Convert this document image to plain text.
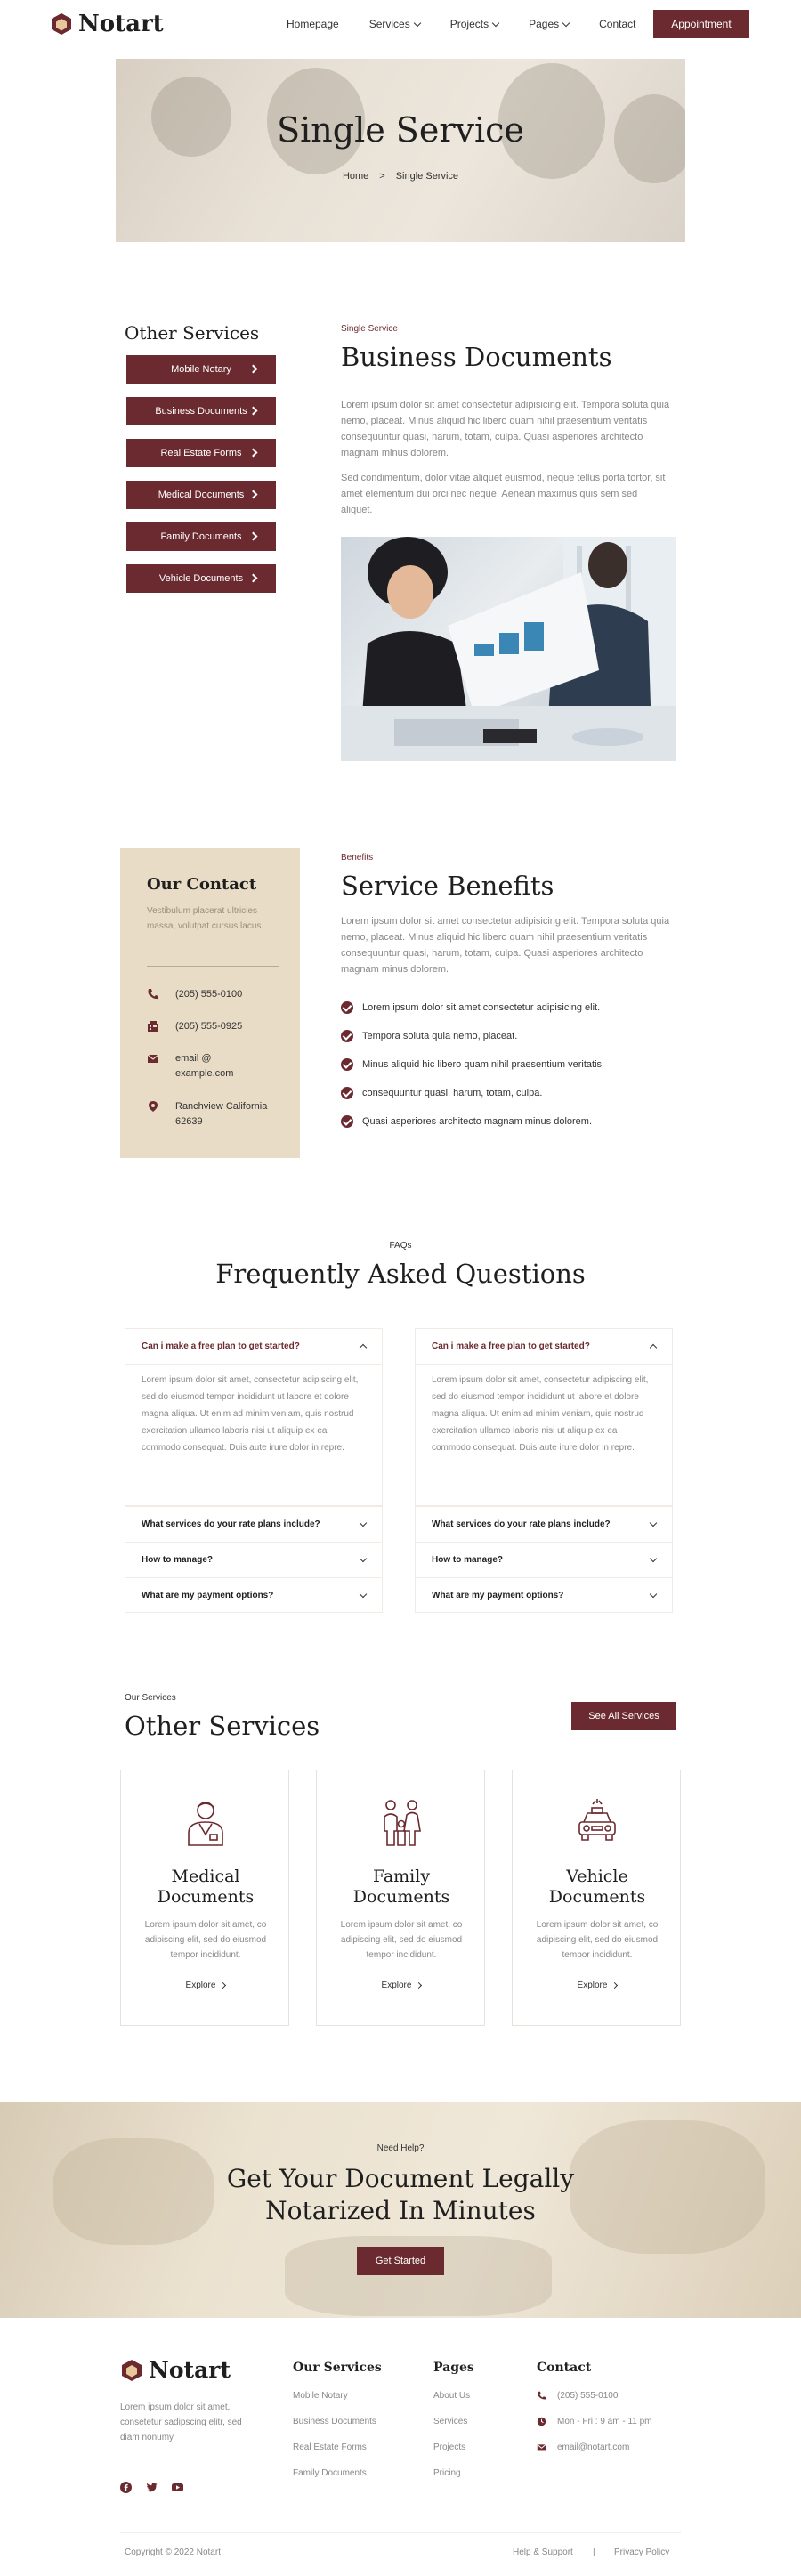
Notart	Homepage	Services	Projects	Pages	Contact	Appointment
Single Service
Home > Single Service
Other Services
Mobile Notary
Business Documents
Real Estate Forms
Medical Documents
Family Documents
Vehicle Documents
Single Service
Business Documents
Lorem ipsum dolor sit amet consectetur adipisicing elit. Tempora soluta quia nemo, placeat. Minus aliquid hic libero quam nihil praesentium veritatis consequuntur quasi, harum, totam, culpa. Quasi asperiores architecto magnam minus dolorem.
Sed condimentum, dolor vitae aliquet euismod, neque tellus porta tortor, sit amet elementum dui orci nec neque. Aenean maximus quis sem sed aliquet.
Our Contact
Vestibulum placerat ultricies massa, volutpat cursus lacus.
(205) 555-0100
(205) 555-0925
email @
example.com
Ranchview California
62639
Benefits
Service Benefits
Lorem ipsum dolor sit amet consectetur adipisicing elit. Tempora soluta quia nemo, placeat. Minus aliquid hic libero quam nihil praesentium veritatis consequuntur quasi, harum, totam, culpa. Quasi asperiores architecto magnam minus dolorem.
Lorem ipsum dolor sit amet consectetur adipisicing elit.
Tempora soluta quia nemo, placeat.
Minus aliquid hic libero quam nihil praesentium veritatis
consequuntur quasi, harum, totam, culpa.
Quasi asperiores architecto magnam minus dolorem.
FAQs
Frequently Asked Questions
Can i make a free plan to get started?
Lorem ipsum dolor sit amet, consectetur adipiscing elit, sed do eiusmod tempor incididunt ut labore et dolore magna aliqua. Ut enim ad minim veniam, quis nostrud exercitation ullamco laboris nisi ut aliquip ex ea commodo consequat. Duis aute irure dolor in repre.
What services do your rate plans include?
How to manage?
What are my payment options?
Can i make a free plan to get started?
Lorem ipsum dolor sit amet, consectetur adipiscing elit, sed do eiusmod tempor incididunt ut labore et dolore magna aliqua. Ut enim ad minim veniam, quis nostrud exercitation ullamco laboris nisi ut aliquip ex ea commodo consequat. Duis aute irure dolor in repre.
What services do your rate plans include?
How to manage?
What are my payment options?
Our Services
Other Services	See All Services
Medical
Documents
Lorem ipsum dolor sit amet, co adipiscing elit, sed do eiusmod tempor incididunt.
Explore
Family
Documents
Lorem ipsum dolor sit amet, co adipiscing elit, sed do eiusmod tempor incididunt.
Explore
Vehicle
Documents
Lorem ipsum dolor sit amet, co adipiscing elit, sed do eiusmod tempor incididunt.
Explore
Need Help?
Get Your Document Legally
Notarized In Minutes
Get Started
Notart
Lorem ipsum dolor sit amet, consetetur sadipscing elitr, sed diam nonumy
Our Services
Mobile Notary
Business Documents
Real Estate Forms
Family Documents
Pages
About Us
Services
Projects
Pricing
Contact
(205) 555-0100
Mon - Fri : 9 am - 11 pm
email@notart.com
Copyright © 2022 Notart	Help & Support | Privacy Policy
